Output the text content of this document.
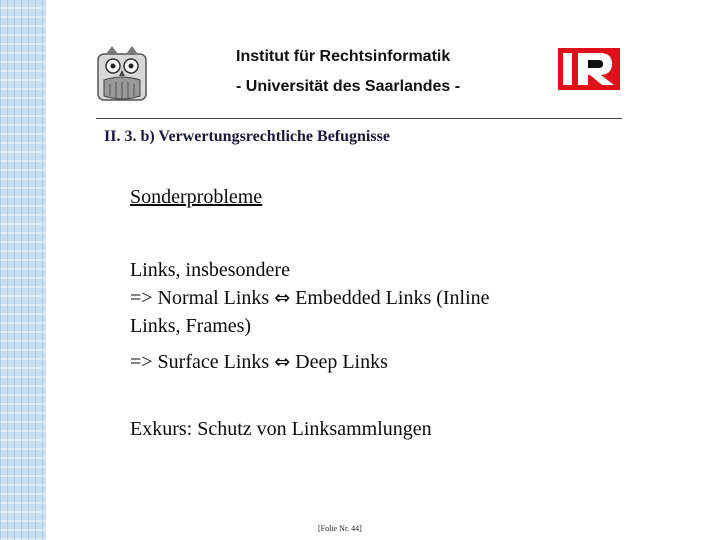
Institut für Rechtsinformatik
- Universität des Saarlandes -
II. 3. b) Verwertungsrechtliche Befugnisse
Sonderprobleme
Links, insbesondere
=> Normal Links ⇔ Embedded Links (Inline
Links, Frames)
=> Surface Links ⇔ Deep Links
Exkurs: Schutz von Linksammlungen
[Folie Nr. 44]
